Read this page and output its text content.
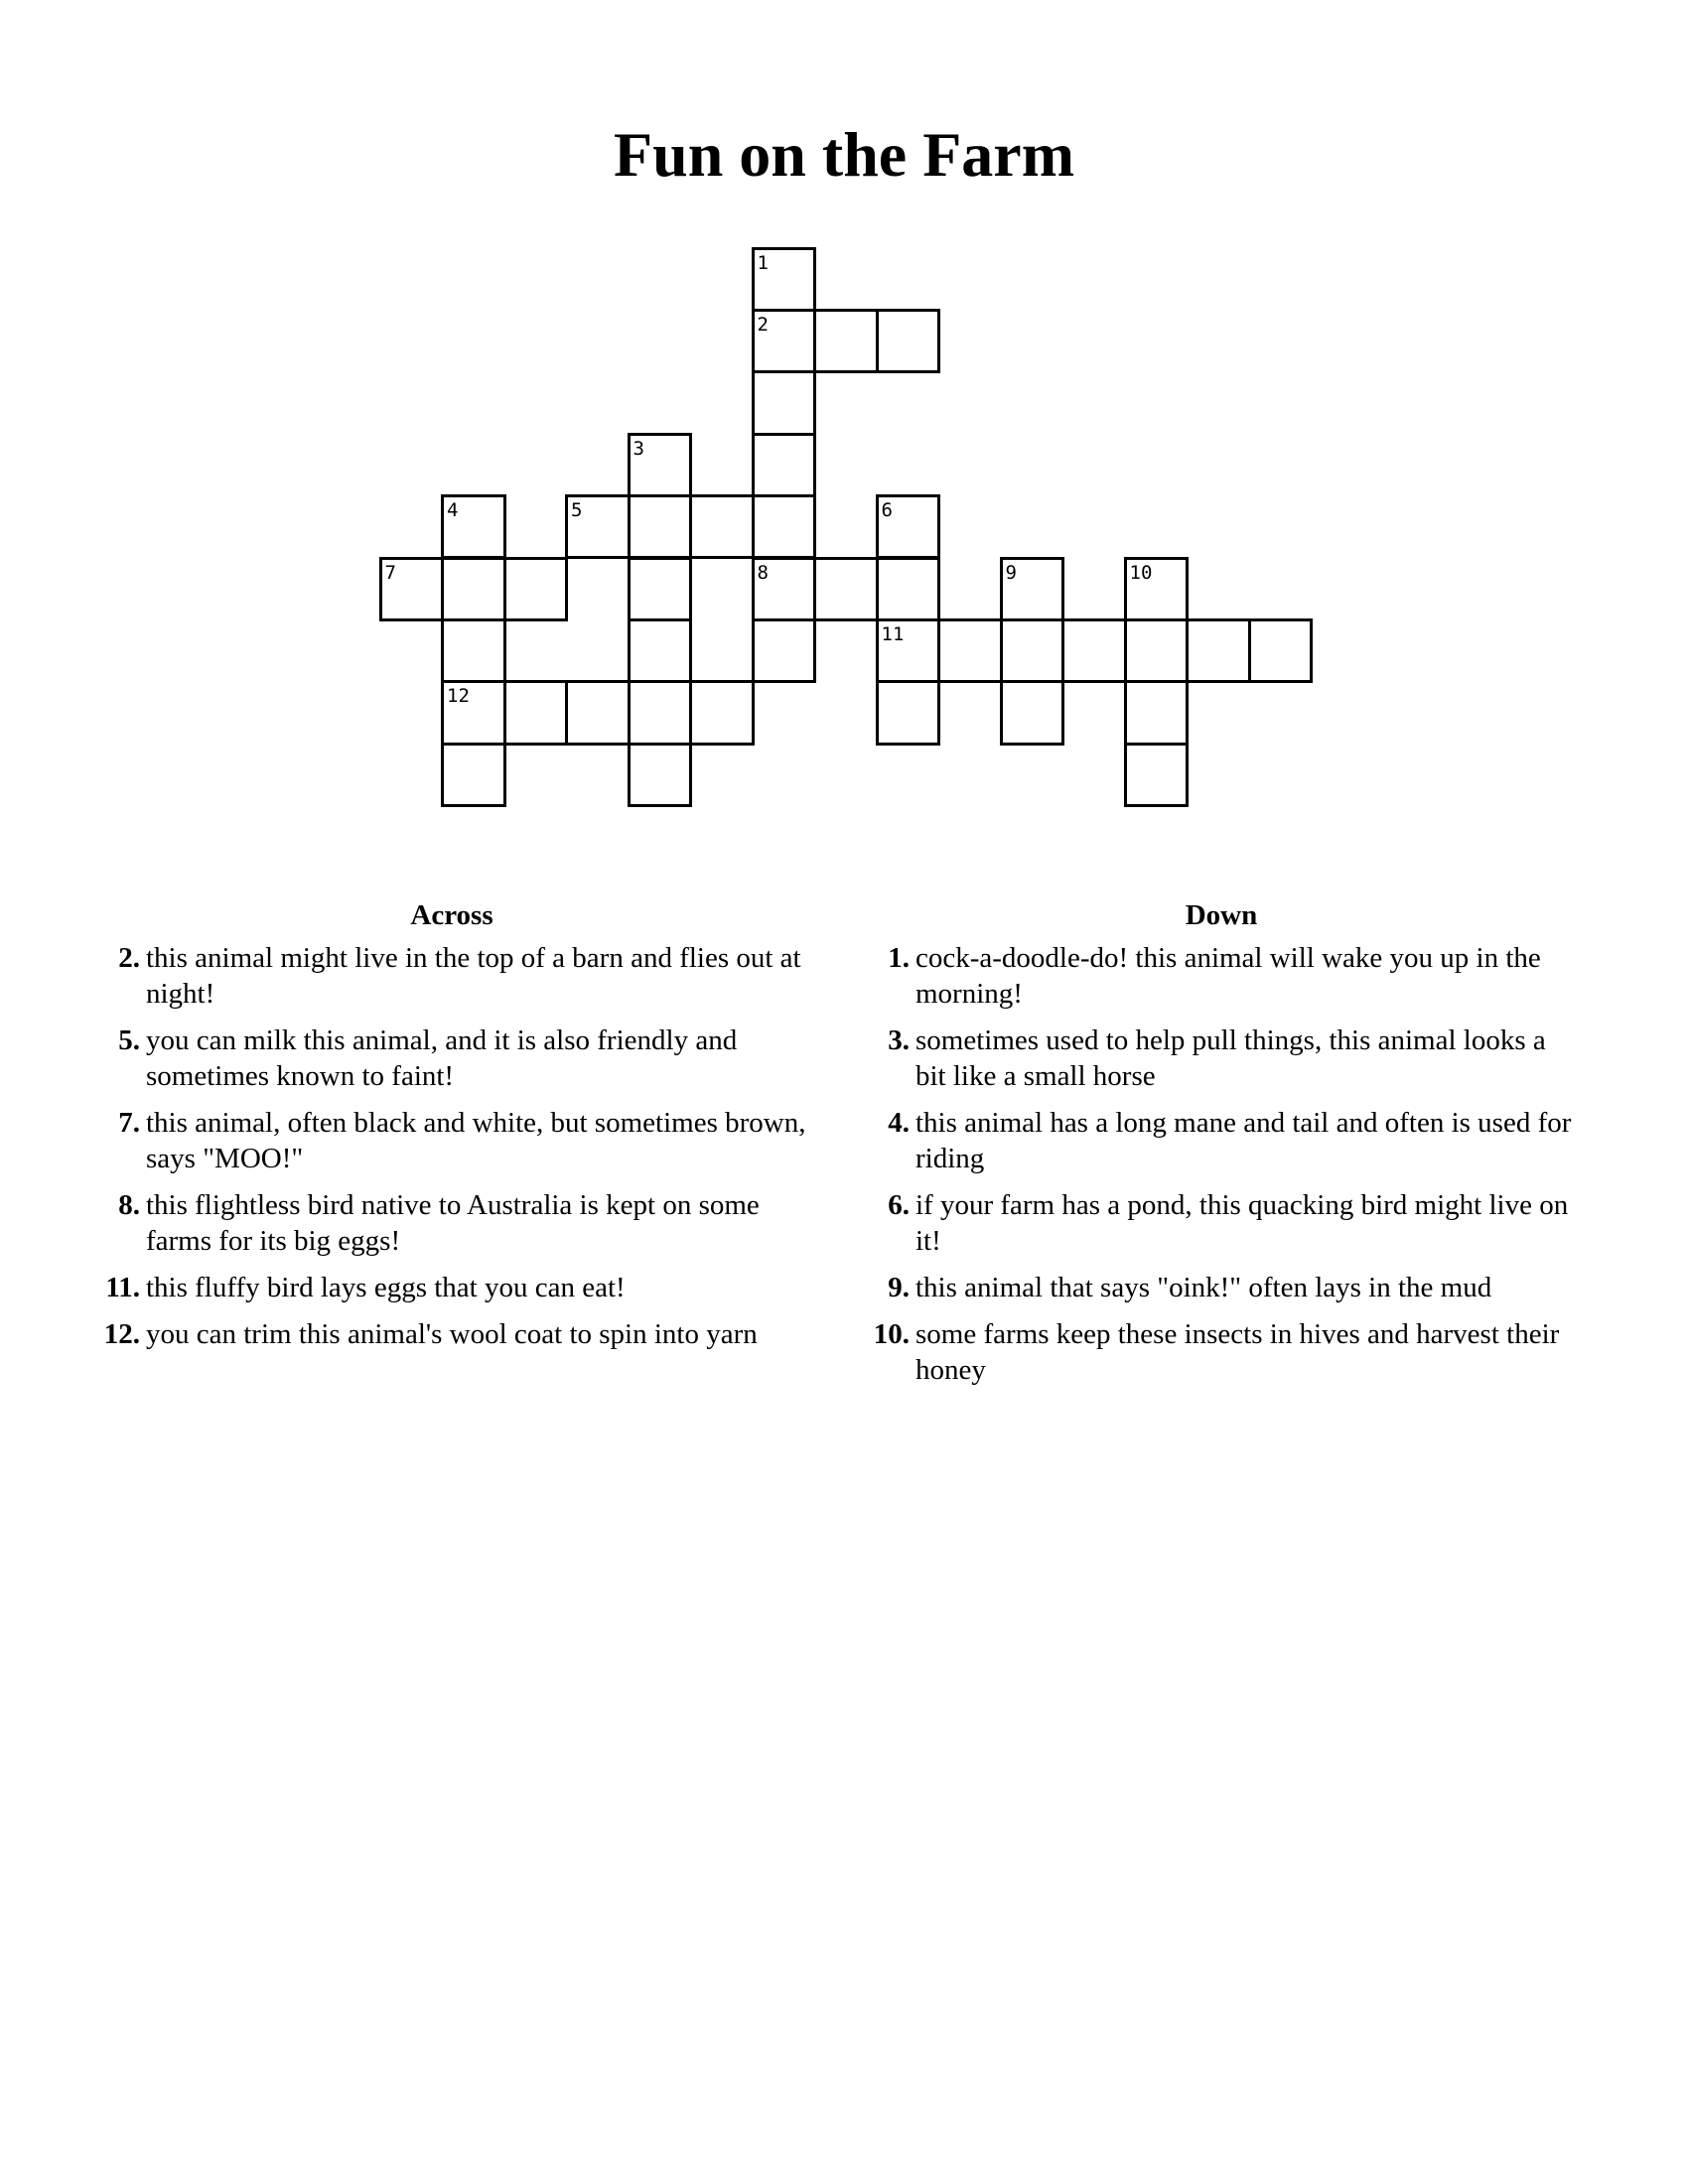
Fun on the Farm
1
2
3
4	5	6
7	8	9	10
11
12
Across
2. this animal might live in the top of a barn and flies out at night!
5. you can milk this animal, and it is also friendly and sometimes known to faint!
7. this animal, often black and white, but sometimes brown, says "MOO!"
8. this flightless bird native to Australia is kept on some farms for its big eggs!
11. this fluffy bird lays eggs that you can eat!
12. you can trim this animal's wool coat to spin into yarn
Down
1. cock-a-doodle-do! this animal will wake you up in the morning!
3. sometimes used to help pull things, this animal looks a bit like a small horse
4. this animal has a long mane and tail and often is used for riding
6. if your farm has a pond, this quacking bird might live on it!
9. this animal that says "oink!" often lays in the mud
10. some farms keep these insects in hives and harvest their honey
